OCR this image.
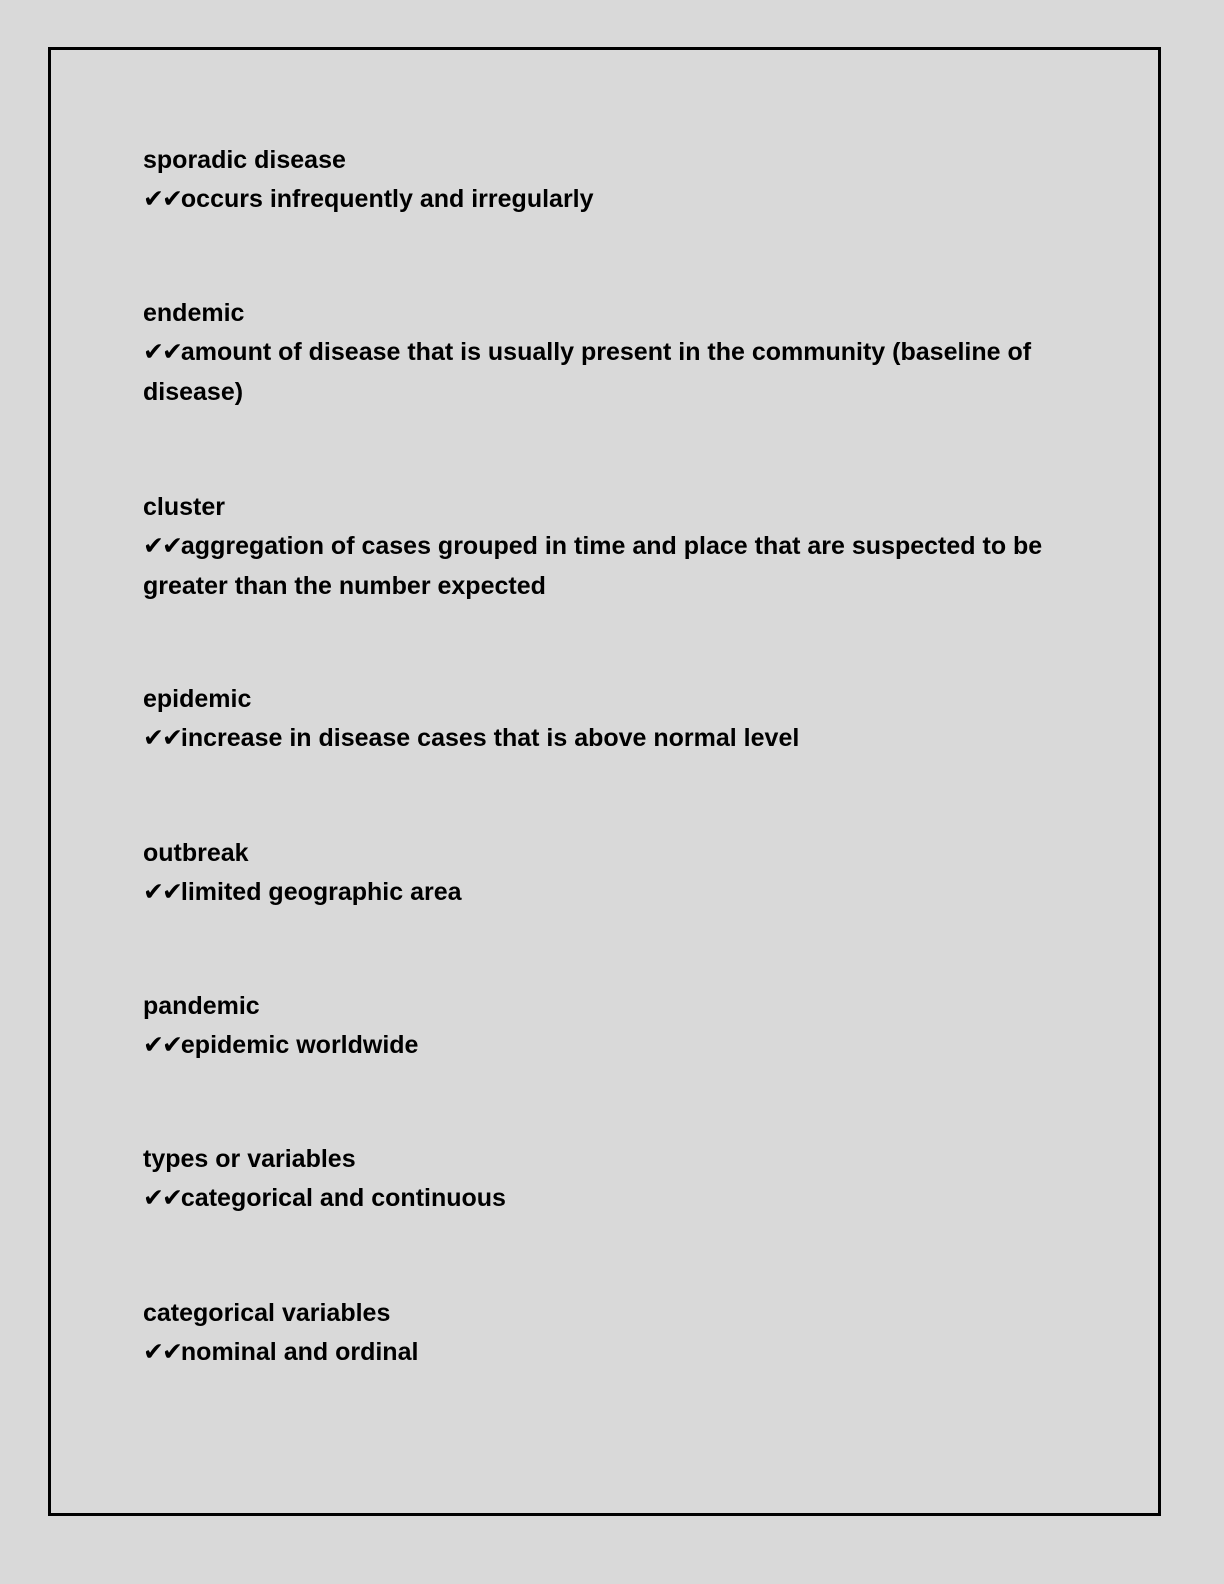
sporadic disease
✔✔occurs infrequently and irregularly
endemic
✔✔amount of disease that is usually present in the community (baseline of disease)
cluster
✔✔aggregation of cases grouped in time and place that are suspected to be greater than the number expected
epidemic
✔✔increase in disease cases that is above normal level
outbreak
✔✔limited geographic area
pandemic
✔✔epidemic worldwide
types or variables
✔✔categorical and continuous
categorical variables
✔✔nominal and ordinal
